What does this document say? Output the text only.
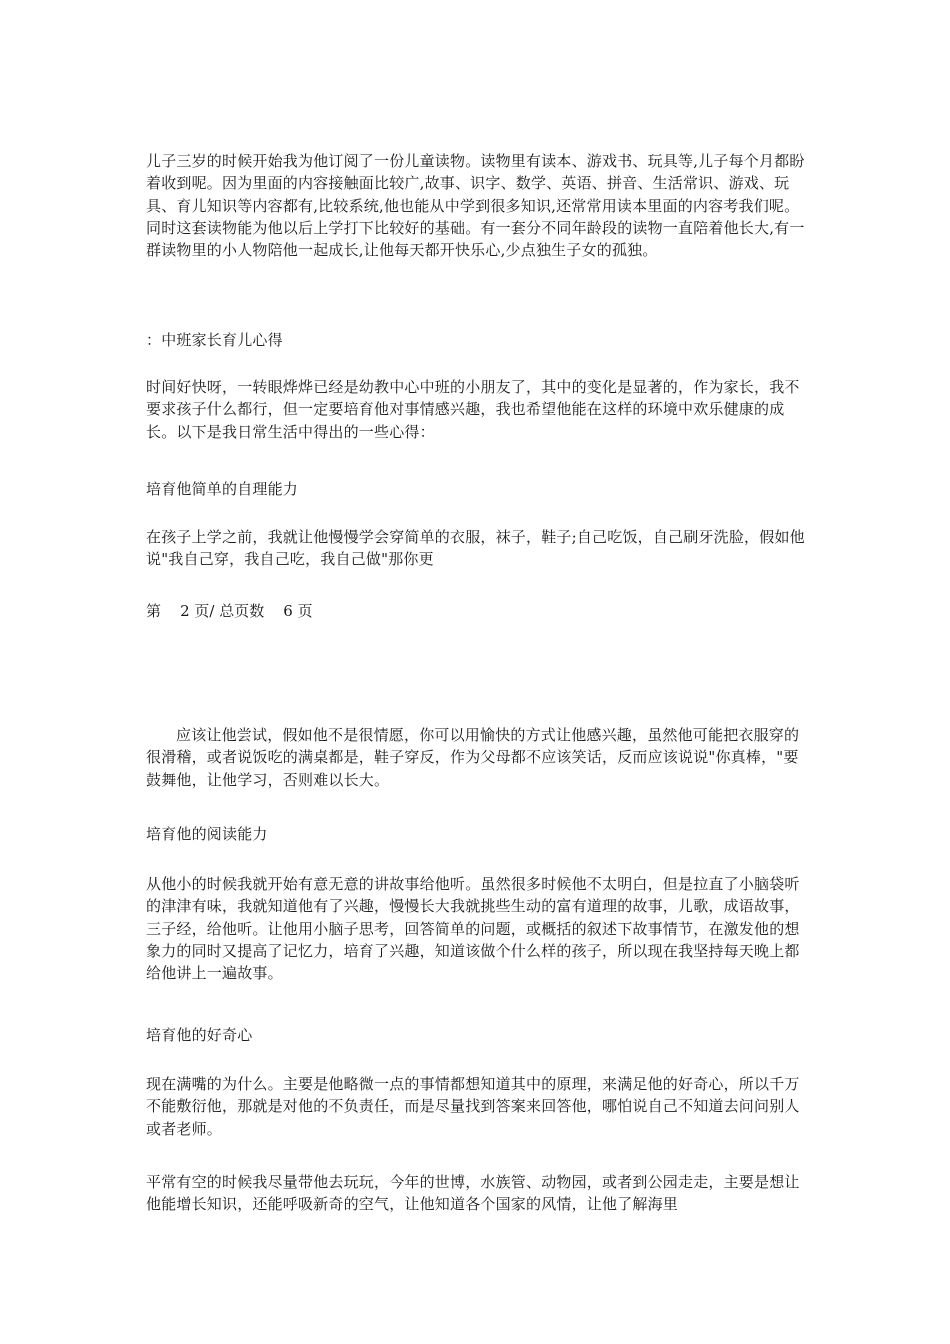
儿子三岁的时候开始我为他订阅了一份儿童读物。读物里有读本、游戏书、玩具等,儿子每个月都盼着收到呢。因为里面的内容接触面比较广,故事、识字、数学、英语、拼音、生活常识、游戏、玩具、育儿知识等内容都有,比较系统,他也能从中学到很多知识,还常常用读本里面的内容考我们呢。同时这套读物能为他以后上学打下比较好的基础。有一套分不同年龄段的读物一直陪着他长大,有一群读物里的小人物陪他一起成长,让他每天都开快乐心,少点独生子女的孤独。

：中班家长育儿心得

时间好快呀，一转眼烨烨已经是幼教中心中班的小朋友了，其中的变化是显著的，作为家长，我不要求孩子什么都行，但一定要培育他对事情感兴趣，我也希望他能在这样的环境中欢乐健康的成长。以下是我日常生活中得出的一些心得：

培育他简单的自理能力

在孩子上学之前，我就让他慢慢学会穿简单的衣服，袜子，鞋子;自己吃饭，自己刷牙洗脸，假如他说"我自己穿，我自己吃，我自己做"那你更

第    2 页/ 总页数    6 页

应该让他尝试，假如他不是很情愿，你可以用愉快的方式让他感兴趣，虽然他可能把衣服穿的很滑稽，或者说饭吃的满桌都是，鞋子穿反，作为父母都不应该笑话，反而应该说说"你真棒，"要鼓舞他，让他学习，否则难以长大。

培育他的阅读能力

从他小的时候我就开始有意无意的讲故事给他听。虽然很多时候他不太明白，但是拉直了小脑袋听的津津有味，我就知道他有了兴趣，慢慢长大我就挑些生动的富有道理的故事，儿歌，成语故事，三子经，给他听。让他用小脑子思考，回答简单的问题，或概括的叙述下故事情节，在激发他的想象力的同时又提高了记忆力，培育了兴趣，知道该做个什么样的孩子，所以现在我坚持每天晚上都给他讲上一遍故事。

培育他的好奇心

现在满嘴的为什么。主要是他略微一点的事情都想知道其中的原理，来满足他的好奇心，所以千万不能敷衍他，那就是对他的不负责任，而是尽量找到答案来回答他，哪怕说自己不知道去问问别人或者老师。

平常有空的时候我尽量带他去玩玩，今年的世博，水族管、动物园，或者到公园走走，主要是想让他能增长知识，还能呼吸新奇的空气，让他知道各个国家的风情，让他了解海里
